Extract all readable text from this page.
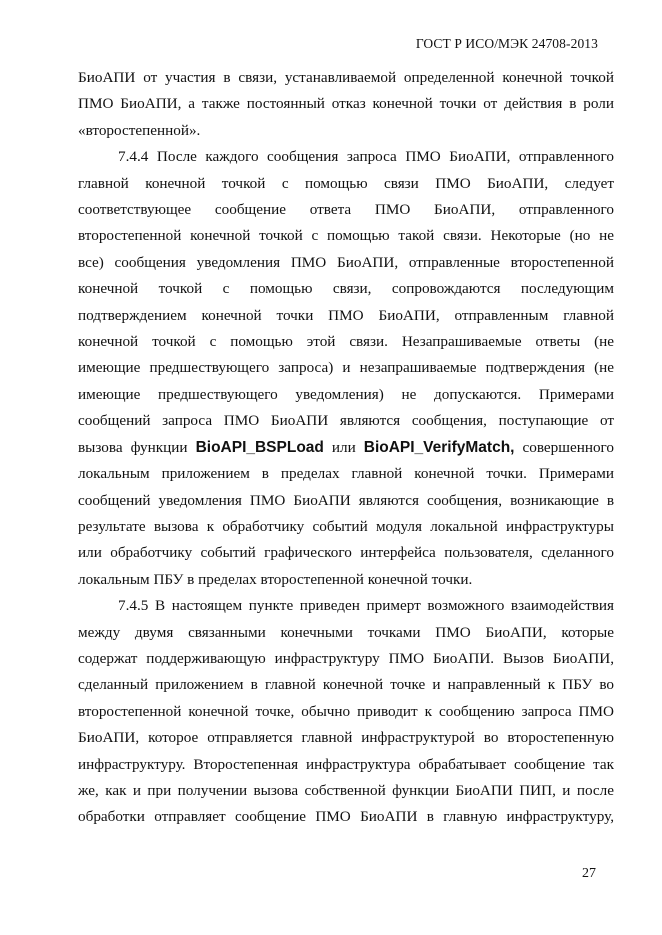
ГОСТ Р ИСО/МЭК 24708-2013
БиоАПИ от участия в связи, устанавливаемой определенной конечной точкой
ПМО БиоАПИ, а также постоянный отказ конечной точки от действия в роли
«второстепенной».
7.4.4 После каждого сообщения запроса ПМО БиоАПИ, отправленного
главной конечной точкой с помощью связи ПМО БиоАПИ, следует
соответствующее сообщение ответа ПМО БиоАПИ, отправленного
второстепенной конечной точкой с помощью такой связи. Некоторые (но не
все) сообщения уведомления ПМО БиоАПИ, отправленные второстепенной
конечной точкой с помощью связи, сопровождаются последующим
подтверждением конечной точки ПМО БиоАПИ, отправленным главной
конечной точкой с помощью этой связи. Незапрашиваемые ответы (не
имеющие предшествующего запроса) и незапрашиваемые подтверждения (не
имеющие предшествующего уведомления) не допускаются. Примерами
сообщений запроса ПМО БиоАПИ являются сообщения, поступающие от
вызова функции BioAPI_BSPLoad или BioAPI_VerifyMatch, совершенного
локальным приложением в пределах главной конечной точки. Примерами
сообщений уведомления ПМО БиоАПИ являются сообщения, возникающие в
результате вызова к обработчику событий модуля локальной инфраструктуры
или обработчику событий графического интерфейса пользователя, сделанного
локальным ПБУ в пределах второстепенной конечной точки.
7.4.5 В настоящем пункте приведен примерт возможного взаимодействия
между двумя связанными конечными точками ПМО БиоАПИ, которые
содержат поддерживающую инфраструктуру ПМО БиоАПИ. Вызов БиоАПИ,
сделанный приложением в главной конечной точке и направленный к ПБУ во
второстепенной конечной точке, обычно приводит к сообщению запроса ПМО
БиоАПИ, которое отправляется главной инфраструктурой во второстепенную
инфраструктуру. Второстепенная инфраструктура обрабатывает сообщение так
же, как и при получении вызова собственной функции БиоАПИ ПИП, и после
обработки отправляет сообщение ПМО БиоАПИ в главную инфраструктуру,
27
